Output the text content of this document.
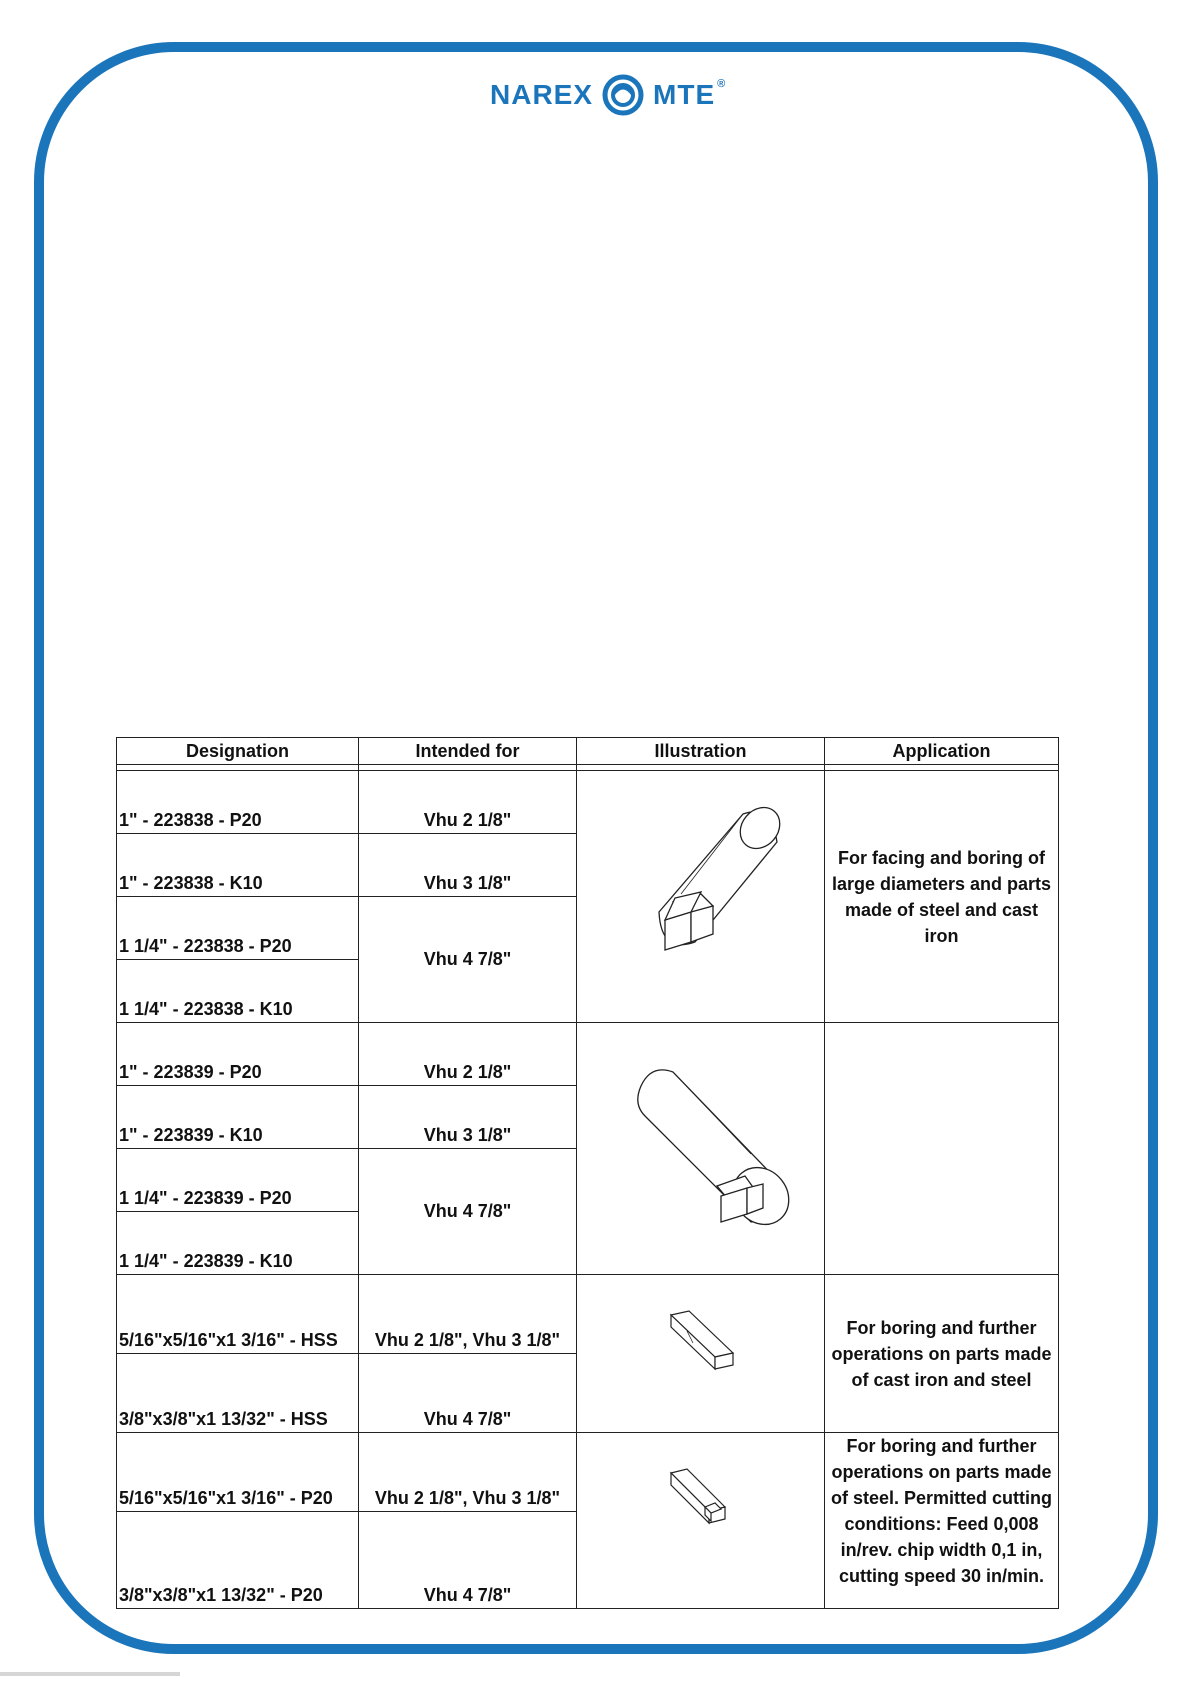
NAREX MTE®
Designation	Intended for	Illustration	Application

1" - 223838 - P20	Vhu 2 1/8"		For facing and boring of large diameters and parts made of steel and cast iron
1" - 223838 - K10	Vhu 3 1/8"		
1 1/4" - 223838 - P20	Vhu 4 7/8"		
1 1/4" - 223838 - K10			
1" - 223839 - P20	Vhu 2 1/8"		
1" - 223839 - K10	Vhu 3 1/8"		
1 1/4" - 223839 - P20	Vhu 4 7/8"		
1 1/4" - 223839 - K10			
5/16"x5/16"x1 3/16" - HSS	Vhu 2 1/8", Vhu 3 1/8"		For boring and further operations on parts made of cast iron and steel
3/8"x3/8"x1 13/32" - HSS	Vhu 4 7/8"		
5/16"x5/16"x1 3/16" - P20	Vhu 2 1/8", Vhu 3 1/8"		For boring and further operations on parts made of steel. Permitted cutting conditions: Feed 0,008 in/rev. chip width 0,1 in, cutting speed 30 in/min.
3/8"x3/8"x1 13/32" - P20	Vhu 4 7/8"		
